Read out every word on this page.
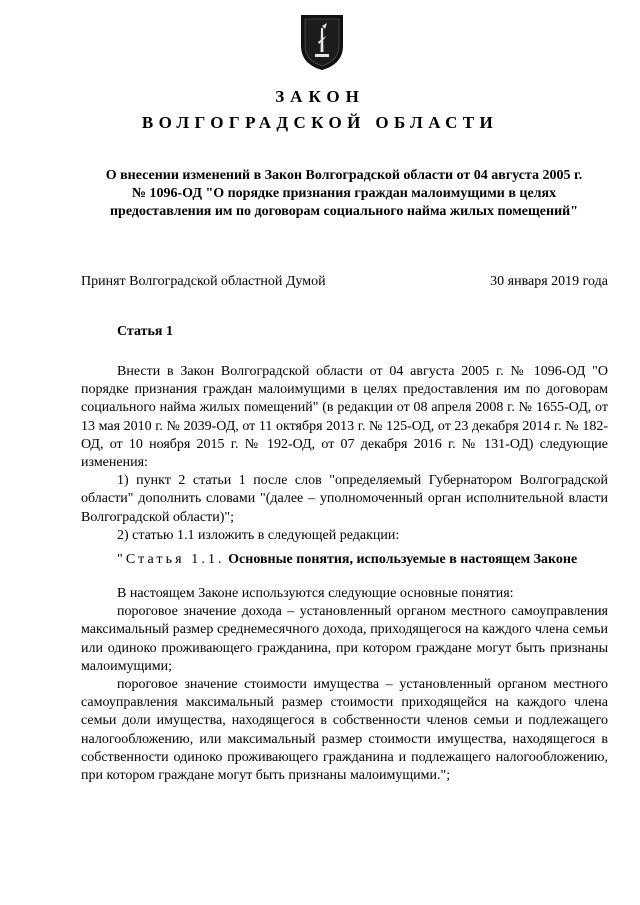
ЗАКОН
ВОЛГОГРАДСКОЙ ОБЛАСТИ
О внесении изменений в Закон Волгоградской области от 04 августа 2005 г.
№ 1096-ОД "О порядке признания граждан малоимущими в целях
предоставления им по договорам социального найма жилых помещений"
Принят Волгоградской областной Думой	30 января 2019 года
Статья 1

Внести в Закон Волгоградской области от 04 августа 2005 г. № 1096-ОД "О порядке признания граждан малоимущими в целях предоставления им по договорам социального найма жилых помещений" (в редакции от 08 апреля 2008 г. № 1655-ОД, от 13 мая 2010 г. № 2039-ОД, от 11 октября 2013 г. № 125-ОД, от 23 декабря 2014 г. № 182-ОД, от 10 ноября 2015 г. № 192-ОД, от 07 декабря 2016 г. № 131-ОД) следующие изменения:

1) пункт 2 статьи 1 после слов "определяемый Губернатором Волгоградской области" дополнить словами "(далее – уполномоченный орган исполнительной власти Волгоградской области)";

2) статью 1.1 изложить в следующей редакции:

"Статья 1.1. Основные понятия, используемые в настоящем Законе

В настоящем Законе используются следующие основные понятия:

пороговое значение дохода – установленный органом местного самоуправления максимальный размер среднемесячного дохода, приходящегося на каждого члена семьи или одиноко проживающего гражданина, при котором граждане могут быть признаны малоимущими;

пороговое значение стоимости имущества – установленный органом местного самоуправления максимальный размер стоимости приходящейся на каждого члена семьи доли имущества, находящегося в собственности членов семьи и подлежащего налогообложению, или максимальный размер стоимости имущества, находящегося в собственности одиноко проживающего гражданина и подлежащего налогообложению, при котором граждане могут быть признаны малоимущими.";
